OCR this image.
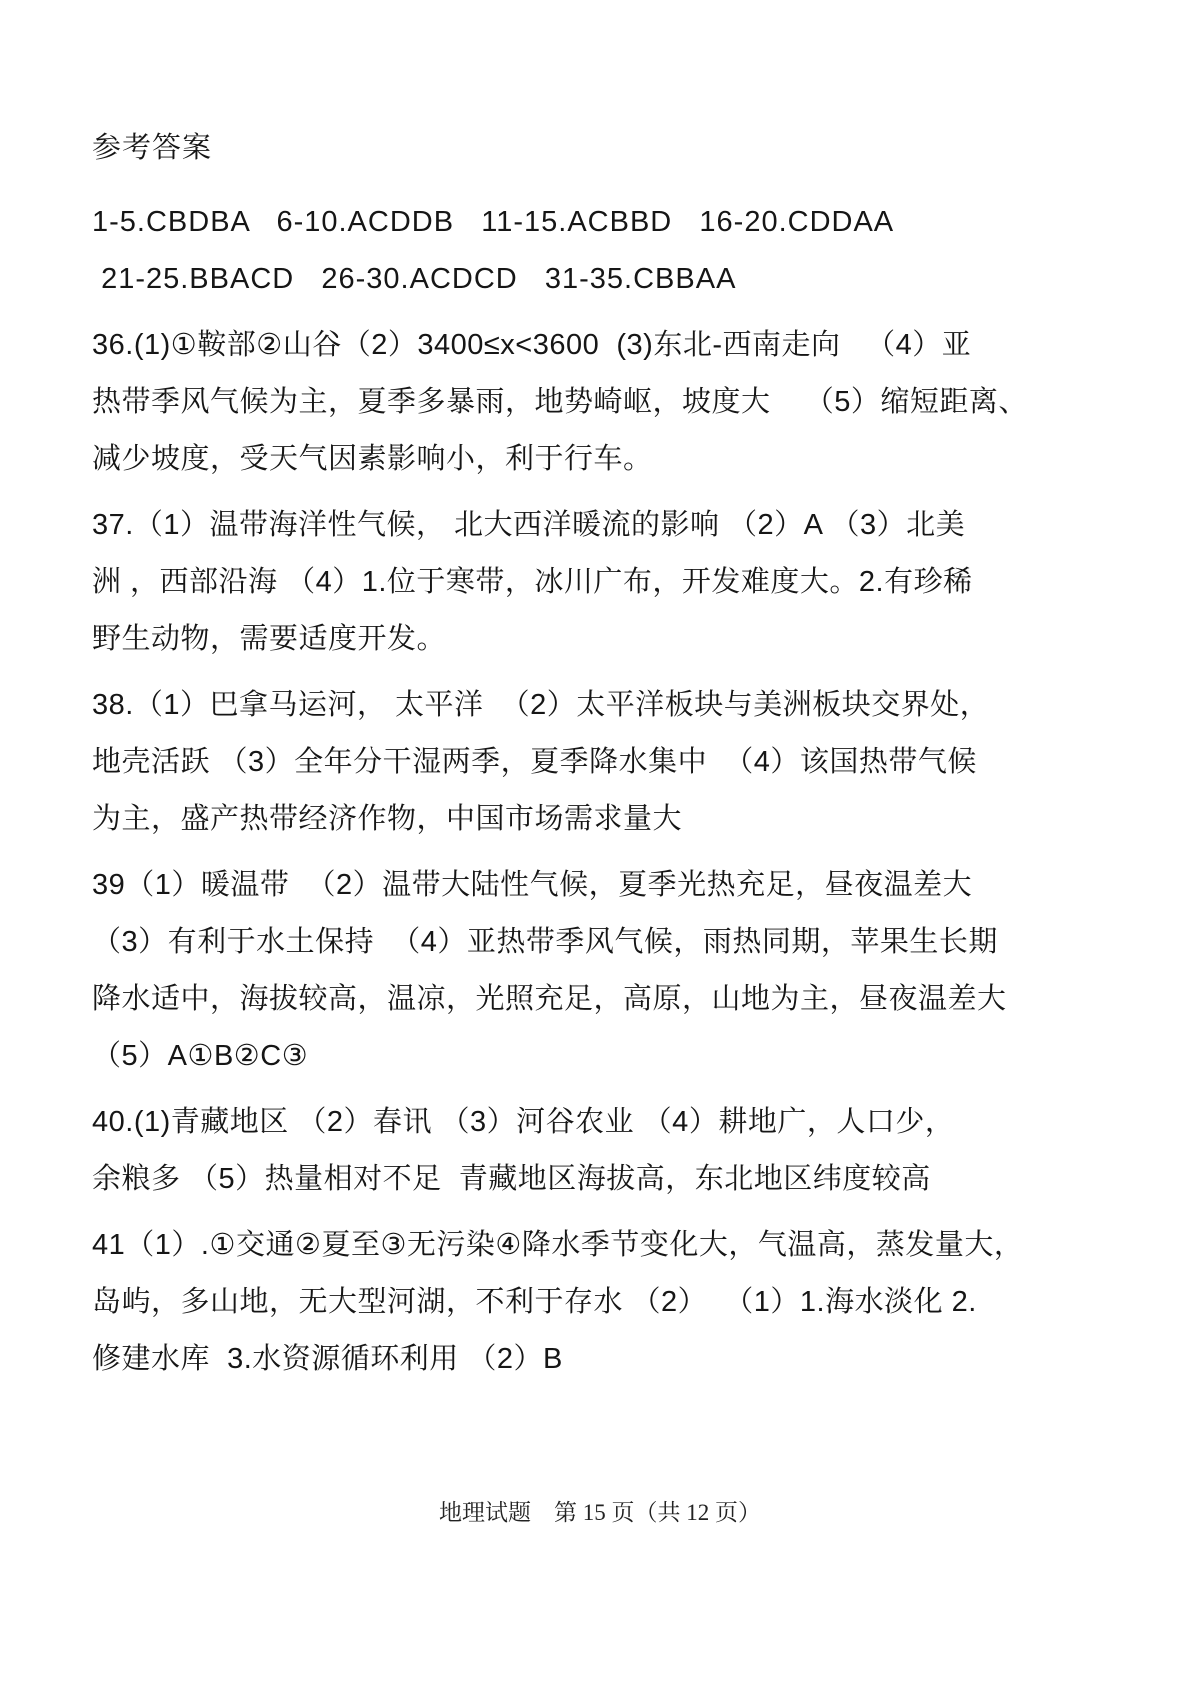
参考答案
1-5.CBDBA   6-10.ACDDB   11-15.ACBBD   16-20.CDDAA
21-25.BBACD   26-30.ACDCD   31-35.CBBAA
36.(1)①鞍部②山谷（2）3400≤x<3600  (3)东北-西南走向   （4）亚
热带季风气候为主，夏季多暴雨，地势崎岖，坡度大    （5）缩短距离、
减少坡度，受天气因素影响小，利于行车。
37.（1）温带海洋性气候， 北大西洋暖流的影响 （2）A （3）北美
洲 ，西部沿海 （4）1.位于寒带，冰川广布，开发难度大。2.有珍稀
野生动物，需要适度开发。
38.（1）巴拿马运河， 太平洋  （2）太平洋板块与美洲板块交界处，
地壳活跃 （3）全年分干湿两季，夏季降水集中  （4）该国热带气候
为主，盛产热带经济作物，中国市场需求量大
39（1）暖温带  （2）温带大陆性气候，夏季光热充足，昼夜温差大
（3）有利于水土保持  （4）亚热带季风气候，雨热同期，苹果生长期
降水适中，海拔较高，温凉，光照充足，高原，山地为主，昼夜温差大
（5）A①B②C③
40.(1)青藏地区 （2）春讯 （3）河谷农业 （4）耕地广，人口少，
余粮多 （5）热量相对不足  青藏地区海拔高，东北地区纬度较高
41（1）.①交通②夏至③无污染④降水季节变化大，气温高，蒸发量大，
岛屿，多山地，无大型河湖，不利于存水 （2）  （1）1.海水淡化 2.
修建水库  3.水资源循环利用 （2）B
地理试题　第 15 页（共 12 页）
